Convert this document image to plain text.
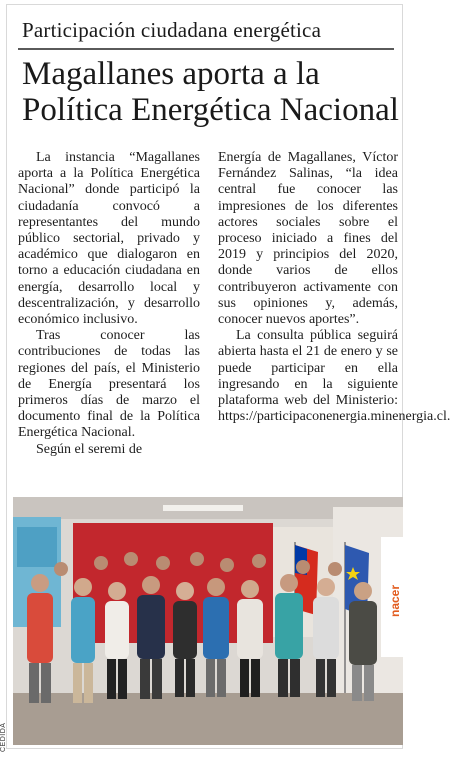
Participación ciudadana energética
Magallanes aporta a la
Política Energética Nacional

La instancia “Magallanes aporta a la Política Energética Nacional” donde participó la ciudadanía convocó a representantes del mundo público sectorial, privado y académico que dialogaron en torno a educación ciudadana en energía, desarrollo local y descentralización, y desarrollo económico inclusivo.

Tras conocer las contribuciones de todas las regiones del país, el Ministerio de Energía presentará los primeros días de marzo el documento final de la Política Energética Nacional.

Según el seremi de

Energía de Magallanes, Víctor Fernández Salinas, “la idea central fue conocer las impresiones de los diferentes actores sociales sobre el proceso iniciado a fines del 2019 y principios del 2020, donde varios de ellos contribuyeron activamente con sus opiniones y, además, conocer nuevos aportes”.

La consulta pública seguirá abierta hasta el 21 de enero y se puede participar en ella ingresando en la siguiente plataforma web del Ministerio: https://participaconenergia.minenergia.cl.

nacer
CEDIDA
